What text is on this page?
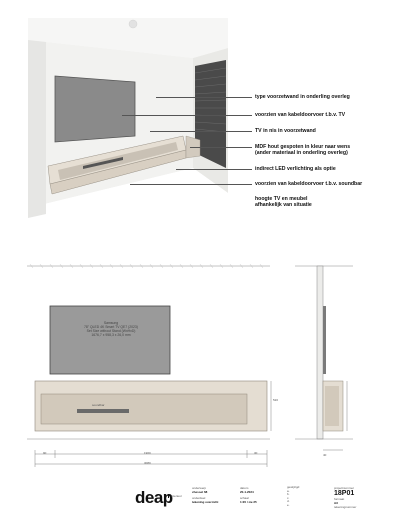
type voorzetwand in onderling overleg
voorzien van kabeldoorvoer t.b.v. TV
TV in nis in voorzetwand
MDF hout gespoten in kleur naar wens
(ander materiaal in onderling overleg)
indirect LED verlichting als optie
voorzien van kabeldoorvoer t.b.v. soundbar
hoogte TV en meubel
afhankelijk van situatie
Samsung
78" QLED 4K Smart TV QE7 (2023)
Set Size without Stand (WxHxD)
1676,7 x 958,3 x 26,0 mm
soundbar
90	1960	30
3080
520
40
deap
interieur
onderwerp
chesset 68
onderdeel
tekening overzicht
datum
20-1-2024
schaal
1:20 / zie 25
gewijzigd
a.
b.
c.
d.
e.
projectnummer
18P01
formaat
A3
tekeningnummer
